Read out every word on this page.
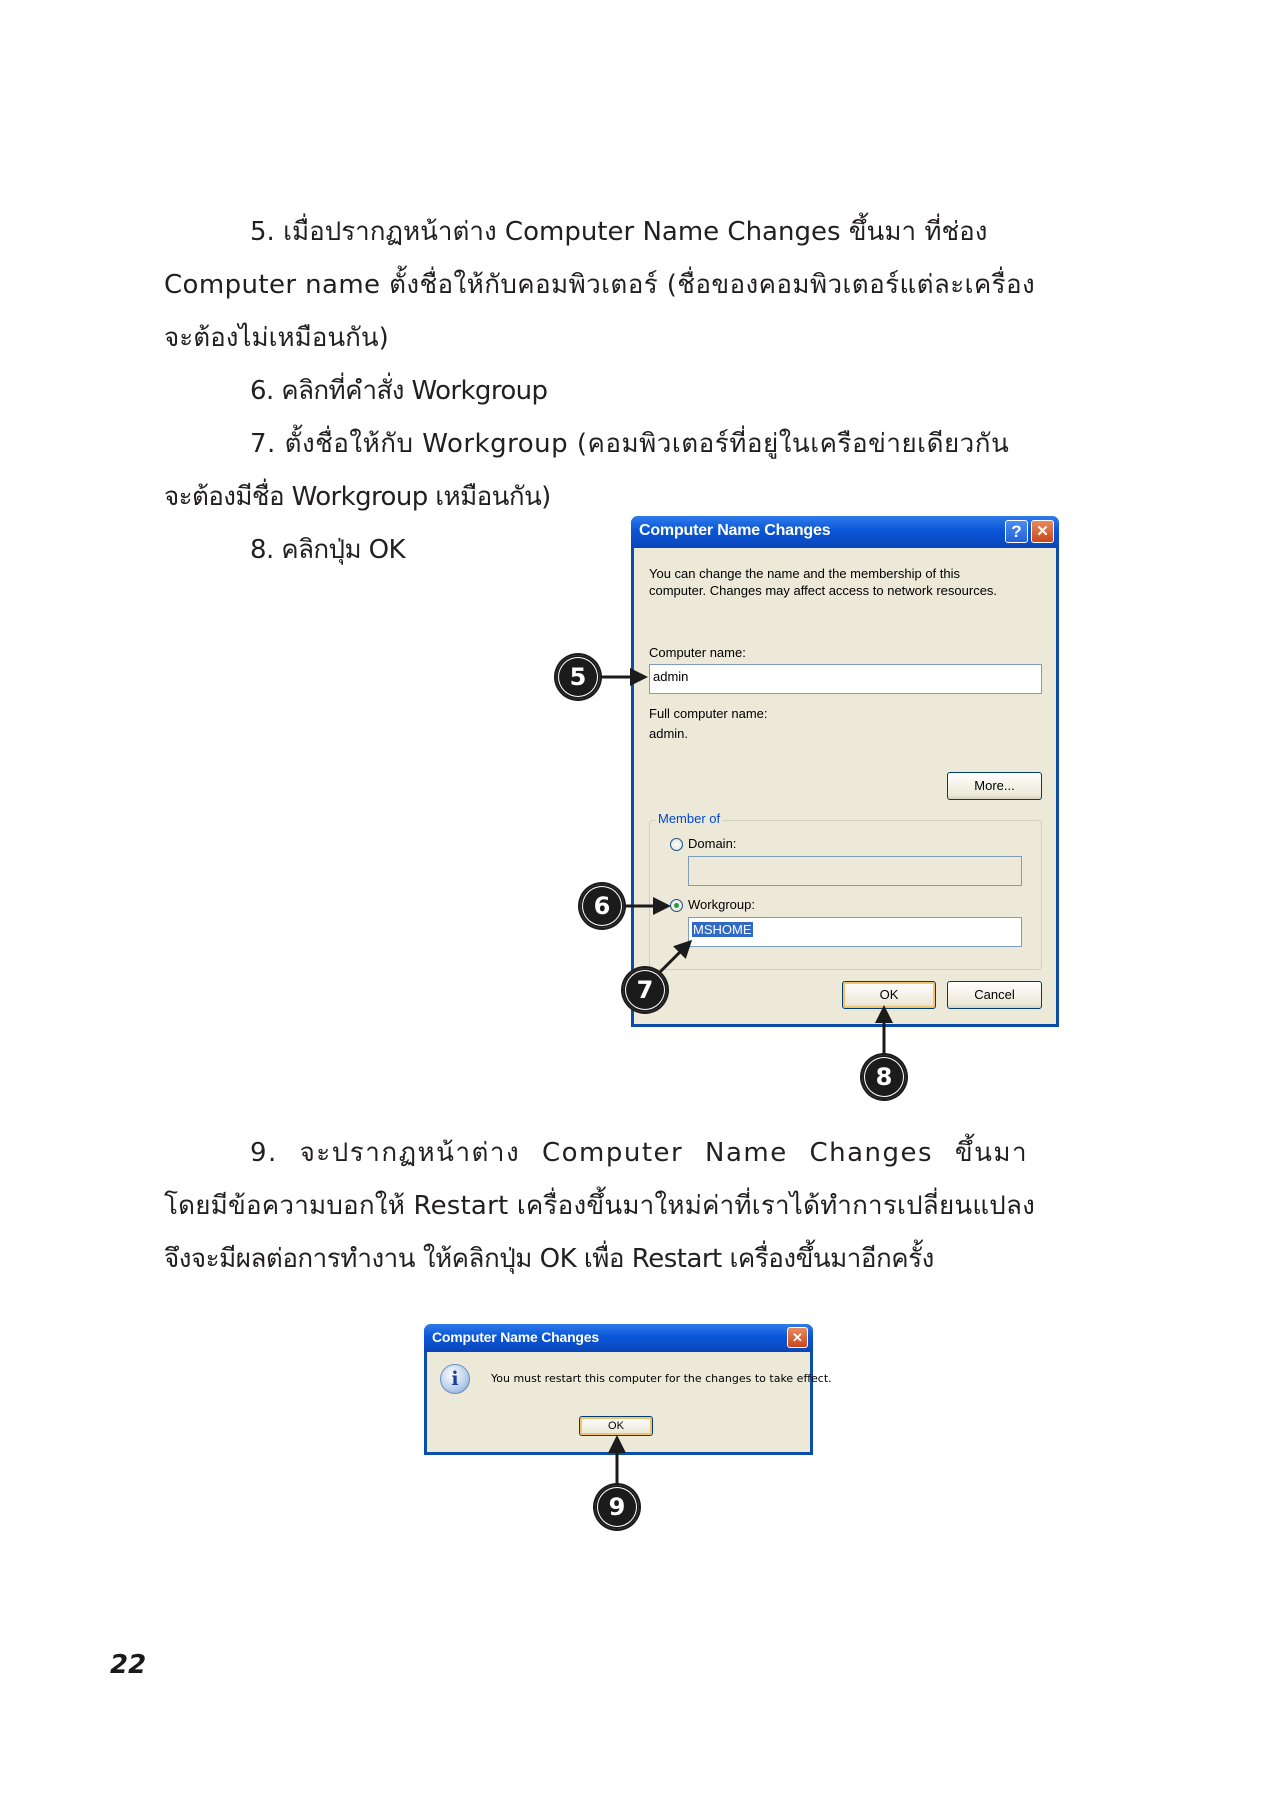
5. เมื่อปรากฏหน้าต่าง Computer Name Changes ขึ้นมา ที่ช่อง
Computer name ตั้งชื่อให้กับคอมพิวเตอร์ (ชื่อของคอมพิวเตอร์แต่ละเครื่อง
จะต้องไม่เหมือนกัน)
6. คลิกที่คำสั่ง Workgroup
7. ตั้งชื่อให้กับ Workgroup (คอมพิวเตอร์ที่อยู่ในเครือข่ายเดียวกัน
จะต้องมีชื่อ Workgroup เหมือนกัน)
8. คลิกปุ่ม OK
Computer Name Changes	? ✕
You can change the name and the membership of this
computer. Changes may affect access to network resources.
Computer name:
admin
Full computer name:
admin.
More...
Member of
Domain:
Workgroup:
MSHOME
OK	Cancel
9. จะปรากฏหน้าต่าง Computer Name Changes ขึ้นมา
โดยมีข้อความบอกให้ Restart เครื่องขึ้นมาใหม่ค่าที่เราได้ทำการเปลี่ยนแปลง
จึงจะมีผลต่อการทำงาน ให้คลิกปุ่ม OK เพื่อ Restart เครื่องขึ้นมาอีกครั้ง
Computer Name Changes	✕
i	You must restart this computer for the changes to take effect.
OK
5
6
7
8
9
22
